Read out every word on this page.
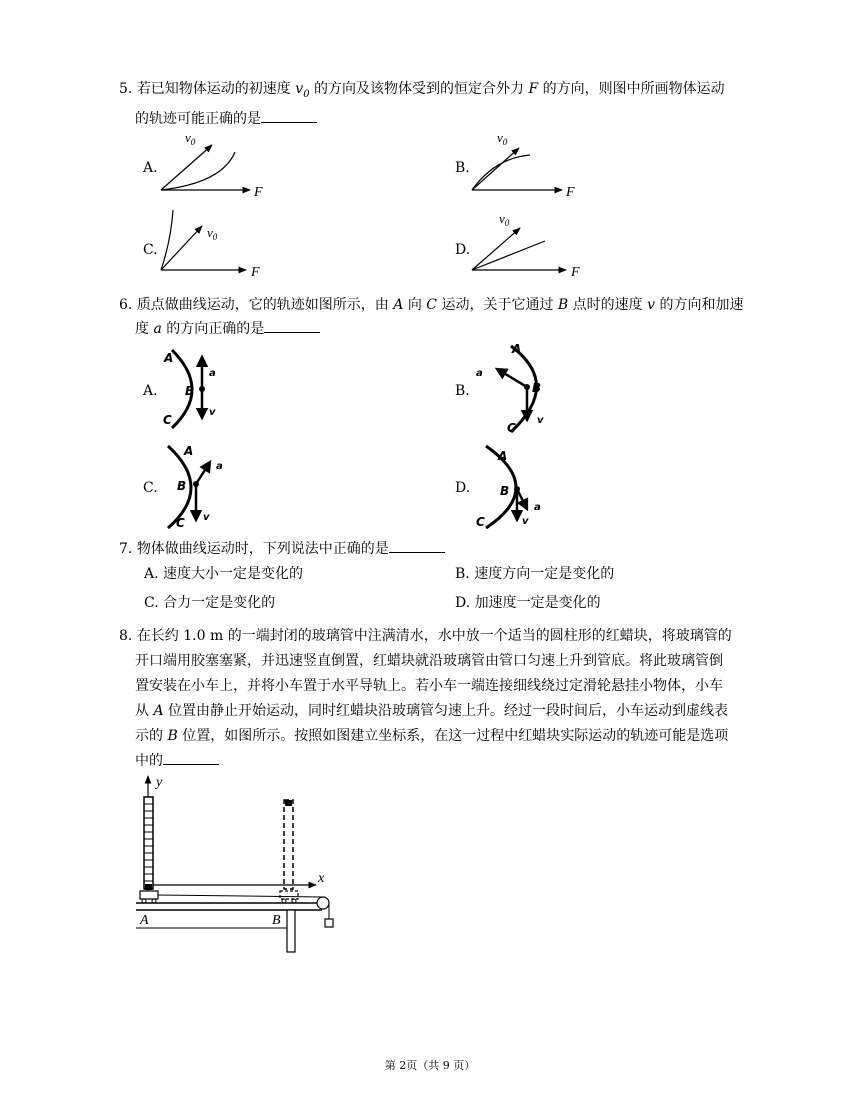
5. 若已知物体运动的初速度 $v_0$ 的方向及该物体受到的恒定合外力 F 的方向，则图中所画物体运动
的轨迹可能正确的是
A.	B.
C.	D.
$v_0$
F
$v_0$
F
$v_0$
F
$v_0$
F
6. 质点做曲线运动，它的轨迹如图所示，由 A 向 C 运动，关于它通过 B 点时的速度 v 的方向和加速
度 a 的方向正确的是
A.	B.
C.	D.
A
B
C
a
v
A
B
C
a
v
A
B
C
a
v
A
B
C
a
v
7. 物体做曲线运动时，下列说法中正确的是
A. 速度大小一定是变化的	B. 速度方向一定是变化的
C. 合力一定是变化的	D. 加速度一定是变化的
8. 在长约 1.0 m 的一端封闭的玻璃管中注满清水，水中放一个适当的圆柱形的红蜡块，将玻璃管的
开口端用胶塞塞紧，并迅速竖直倒置，红蜡块就沿玻璃管由管口匀速上升到管底。将此玻璃管倒
置安装在小车上，并将小车置于水平导轨上。若小车一端连接细线绕过定滑轮悬挂小物体，小车
从 A 位置由静止开始运动，同时红蜡块沿玻璃管匀速上升。经过一段时间后，小车运动到虚线表
示的 B 位置，如图所示。按照如图建立坐标系，在这一过程中红蜡块实际运动的轨迹可能是选项
中的
y
x
A	B
第 2页（共 9 页）
